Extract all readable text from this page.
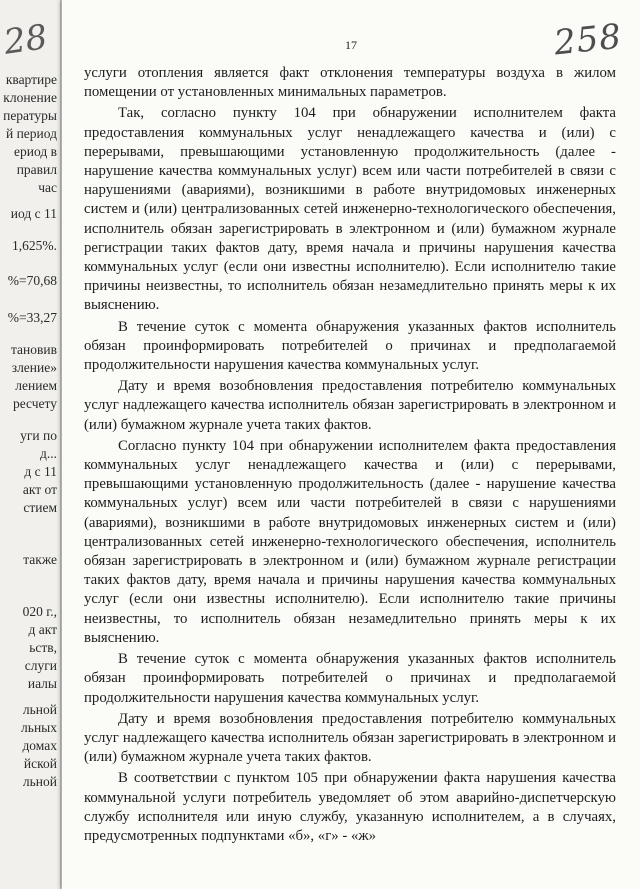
28
квартире
клонение
пературы
й период
ериод в
правил
час
иод с 11
1,625%.
%=70,68
%=33,27
тановив
зление»
лением
ресчету
уги по
д...
д с 11
акт от
стием
также
020 г.,
д акт
ьств,
слуги
иалы
льной
льных
домах
йской
льной
17	258

услуги отопления является факт отклонения температуры воздуха в жилом помещении от установленных минимальных параметров.

Так, согласно пункту 104 при обнаружении исполнителем факта предоставления коммунальных услуг ненадлежащего качества и (или) с перерывами, превышающими установленную продолжительность (далее - нарушение качества коммунальных услуг) всем или части потребителей в связи с нарушениями (авариями), возникшими в работе внутридомовых инженерных систем и (или) централизованных сетей инженерно-технологического обеспечения, исполнитель обязан зарегистрировать в электронном и (или) бумажном журнале регистрации таких фактов дату, время начала и причины нарушения качества коммунальных услуг (если они известны исполнителю). Если исполнителю такие причины неизвестны, то исполнитель обязан незамедлительно принять меры к их выяснению.

В течение суток с момента обнаружения указанных фактов исполнитель обязан проинформировать потребителей о причинах и предполагаемой продолжительности нарушения качества коммунальных услуг.

Дату и время возобновления предоставления потребителю коммунальных услуг надлежащего качества исполнитель обязан зарегистрировать в электронном и (или) бумажном журнале учета таких фактов.

Согласно пункту 104 при обнаружении исполнителем факта предоставления коммунальных услуг ненадлежащего качества и (или) с перерывами, превышающими установленную продолжительность (далее - нарушение качества коммунальных услуг) всем или части потребителей в связи с нарушениями (авариями), возникшими в работе внутридомовых инженерных систем и (или) централизованных сетей инженерно-технологического обеспечения, исполнитель обязан зарегистрировать в электронном и (или) бумажном журнале регистрации таких фактов дату, время начала и причины нарушения качества коммунальных услуг (если они известны исполнителю). Если исполнителю такие причины неизвестны, то исполнитель обязан незамедлительно принять меры к их выяснению.

В течение суток с момента обнаружения указанных фактов исполнитель обязан проинформировать потребителей о причинах и предполагаемой продолжительности нарушения качества коммунальных услуг.

Дату и время возобновления предоставления потребителю коммунальных услуг надлежащего качества исполнитель обязан зарегистрировать в электронном и (или) бумажном журнале учета таких фактов.

В соответствии с пунктом 105 при обнаружении факта нарушения качества коммунальной услуги потребитель уведомляет об этом аварийно-диспетчерскую службу исполнителя или иную службу, указанную исполнителем, а в случаях, предусмотренных подпунктами «б», «г» - «ж»
